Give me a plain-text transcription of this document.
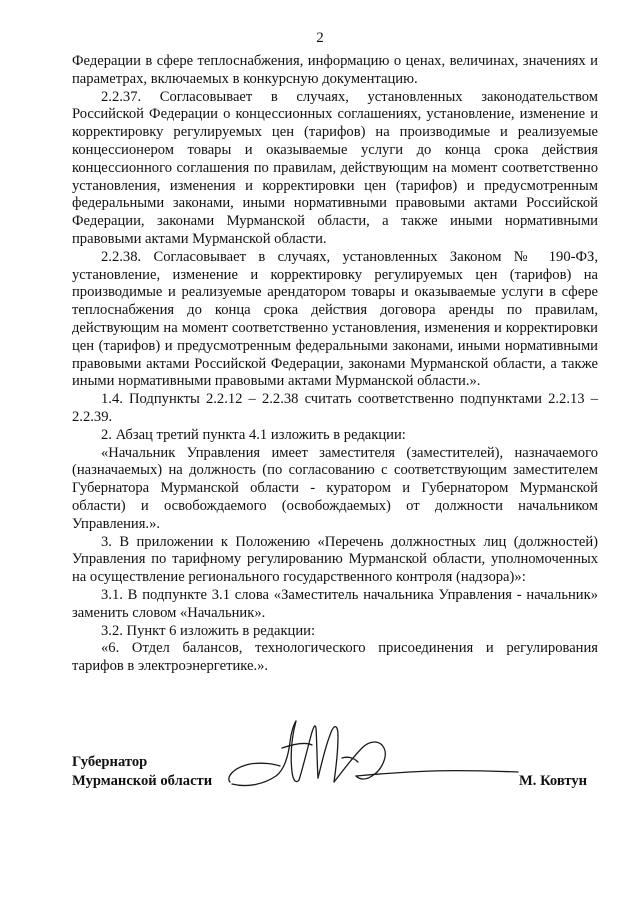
2

Федерации в сфере теплоснабжения, информацию о ценах, величинах, значениях и параметрах, включаемых в конкурсную документацию.

2.2.37. Согласовывает в случаях, установленных законодательством Российской Федерации о концессионных соглашениях, установление, изменение и корректировку регулируемых цен (тарифов) на производимые и реализуемые концессионером товары и оказываемые услуги до конца срока действия концессионного соглашения по правилам, действующим на момент соответственно установления, изменения и корректировки цен (тарифов) и предусмотренным федеральными законами, иными нормативными правовыми актами Российской Федерации, законами Мурманской области, а также иными нормативными правовыми актами Мурманской области.

2.2.38. Согласовывает в случаях, установленных Законом № 190-ФЗ, установление, изменение и корректировку регулируемых цен (тарифов) на производимые и реализуемые арендатором товары и оказываемые услуги в сфере теплоснабжения до конца срока действия договора аренды по правилам, действующим на момент соответственно установления, изменения и корректировки цен (тарифов) и предусмотренным федеральными законами, иными нормативными правовыми актами Российской Федерации, законами Мурманской области, а также иными нормативными правовыми актами Мурманской области.».

1.4. Подпункты 2.2.12 – 2.2.38 считать соответственно подпунктами 2.2.13 – 2.2.39.

2. Абзац третий пункта 4.1 изложить в редакции:

«Начальник Управления имеет заместителя (заместителей), назначаемого (назначаемых) на должность (по согласованию с соответствующим заместителем Губернатора Мурманской области - куратором и Губернатором Мурманской области) и освобождаемого (освобождаемых) от должности начальником Управления.».

3. В приложении к Положению «Перечень должностных лиц (должностей) Управления по тарифному регулированию Мурманской области, уполномоченных на осуществление регионального государственного контроля (надзора)»:

3.1. В подпункте 3.1 слова «Заместитель начальника Управления - начальник» заменить словом «Начальник».

3.2. Пункт 6 изложить в редакции:

«6. Отдел балансов, технологического присоединения и регулирования тарифов в электроэнергетике.».

Губернатор
Мурманской области	М. Ковтун
